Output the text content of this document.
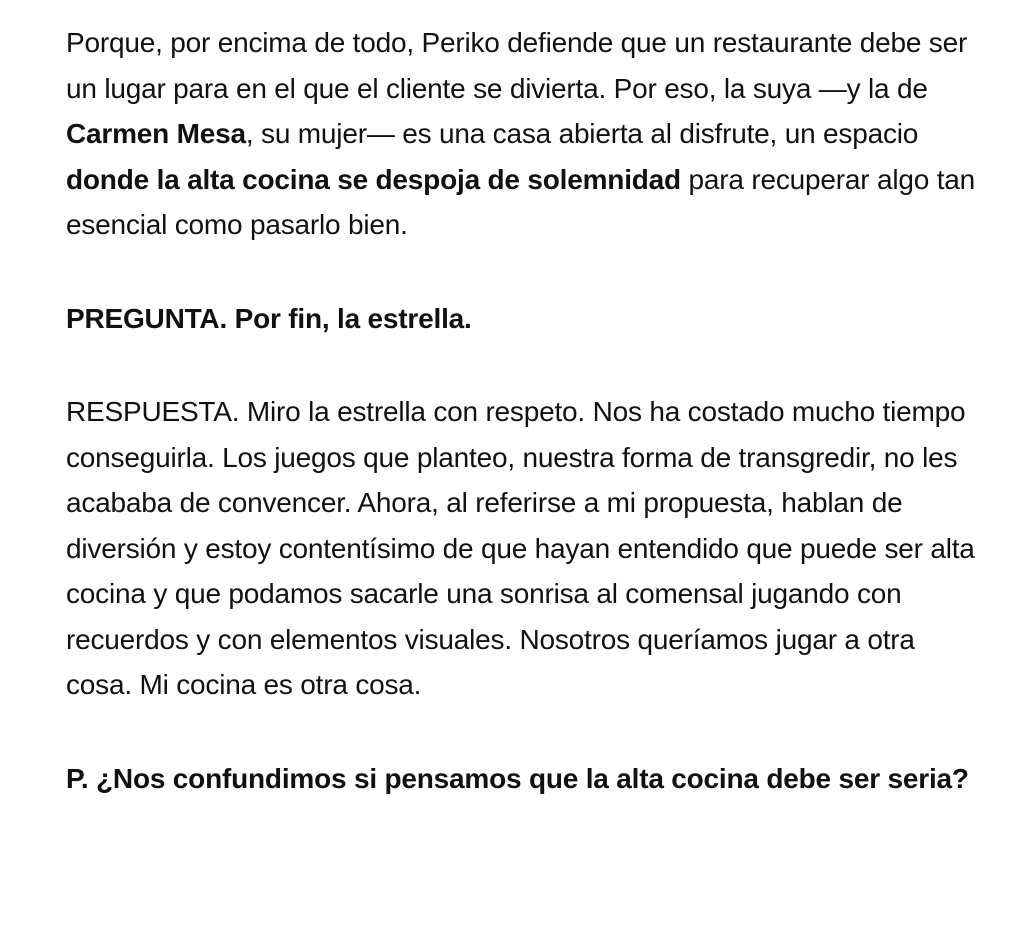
Porque, por encima de todo, Periko defiende que un restaurante debe ser un lugar para en el que el cliente se divierta. Por eso, la suya —y la de Carmen Mesa, su mujer— es una casa abierta al disfrute, un espacio donde la alta cocina se despoja de solemnidad para recuperar algo tan esencial como pasarlo bien.

PREGUNTA. Por fin, la estrella.

RESPUESTA. Miro la estrella con respeto. Nos ha costado mucho tiempo conseguirla. Los juegos que planteo, nuestra forma de transgredir, no les acababa de convencer. Ahora, al referirse a mi propuesta, hablan de diversión y estoy contentísimo de que hayan entendido que puede ser alta cocina y que podamos sacarle una sonrisa al comensal jugando con recuerdos y con elementos visuales. Nosotros queríamos jugar a otra cosa. Mi cocina es otra cosa.

P. ¿Nos confundimos si pensamos que la alta cocina debe ser seria?
